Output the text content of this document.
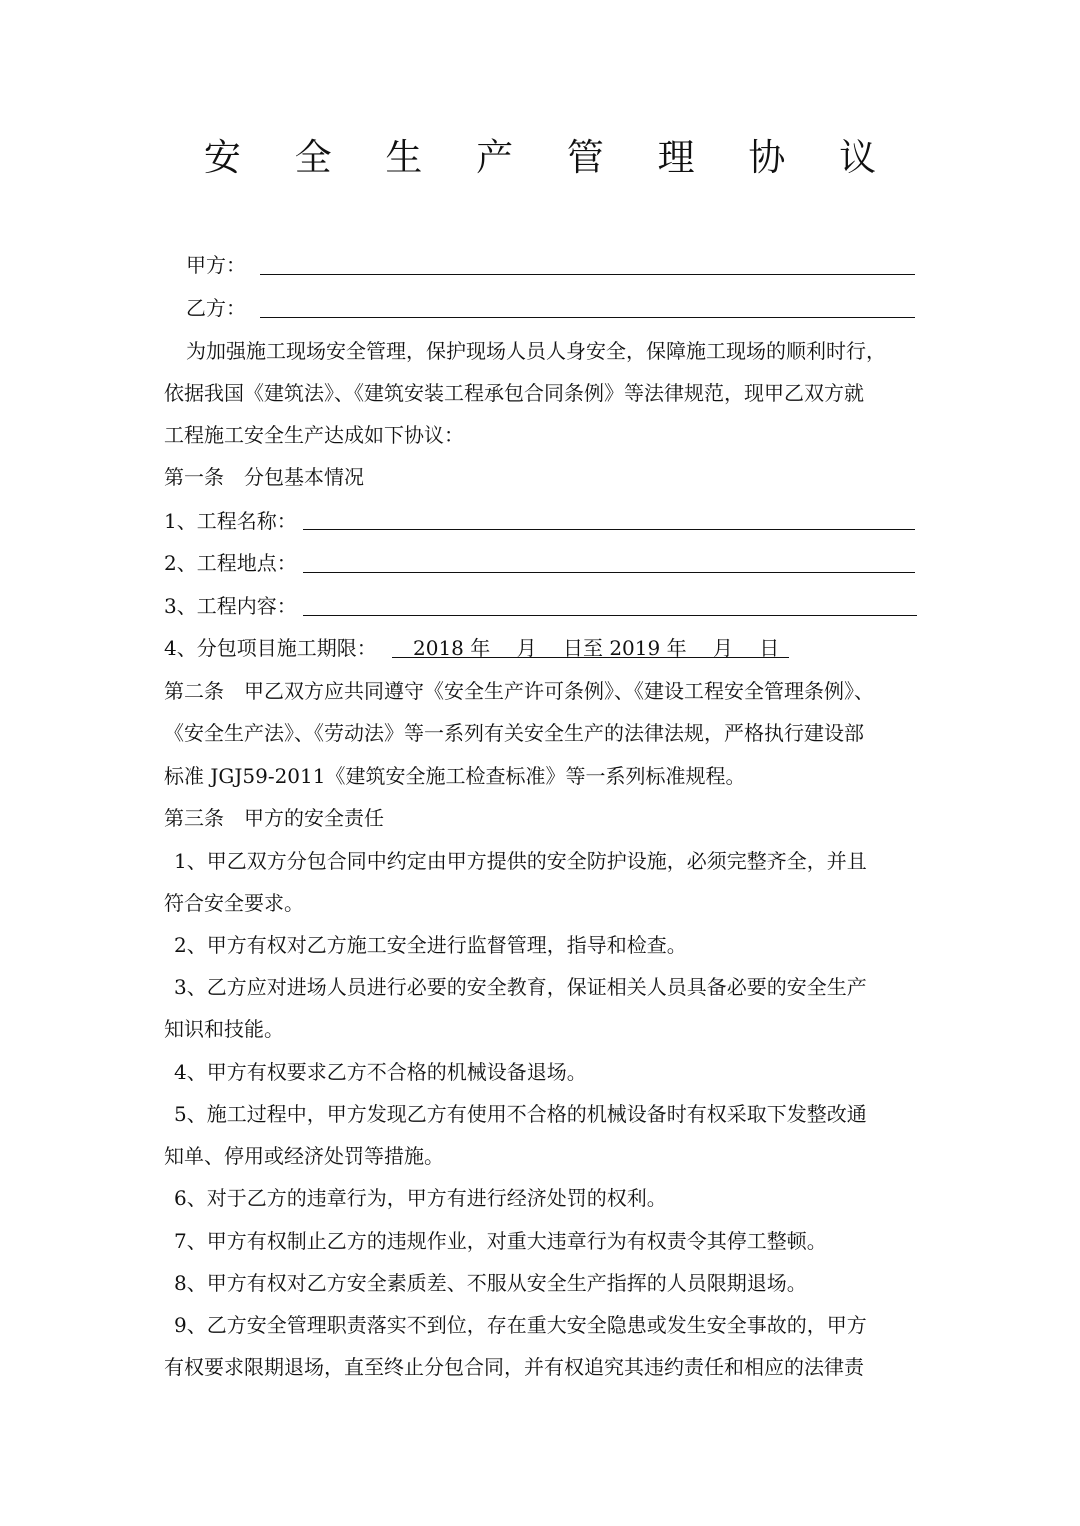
安 全 生 产 管 理 协 议
甲方：
乙方：
为加强施工现场安全管理，保护现场人员人身安全，保障施工现场的顺利时行，
依据我国《建筑法》、《建筑安装工程承包合同条例》等法律规范，现甲乙双方就
工程施工安全生产达成如下协议：
第一条　分包基本情况
1、工程名称：
2、工程地点：
3、工程内容：
4、分包项目施工期限： 2018 年　 月　 日至 2019 年　 月　 日
第二条　甲乙双方应共同遵守《安全生产许可条例》、《建设工程安全管理条例》、
《安全生产法》、《劳动法》等一系列有关安全生产的法律法规，严格执行建设部
标准 JGJ59-2011《建筑安全施工检查标准》等一系列标准规程。
第三条　甲方的安全责任
1、甲乙双方分包合同中约定由甲方提供的安全防护设施，必须完整齐全，并且
符合安全要求。
2、甲方有权对乙方施工安全进行监督管理，指导和检查。
3、乙方应对进场人员进行必要的安全教育，保证相关人员具备必要的安全生产
知识和技能。
4、甲方有权要求乙方不合格的机械设备退场。
5、施工过程中，甲方发现乙方有使用不合格的机械设备时有权采取下发整改通
知单、停用或经济处罚等措施。
6、对于乙方的违章行为，甲方有进行经济处罚的权利。
7、甲方有权制止乙方的违规作业，对重大违章行为有权责令其停工整顿。
8、甲方有权对乙方安全素质差、不服从安全生产指挥的人员限期退场。
9、乙方安全管理职责落实不到位，存在重大安全隐患或发生安全事故的，甲方
有权要求限期退场，直至终止分包合同，并有权追究其违约责任和相应的法律责
